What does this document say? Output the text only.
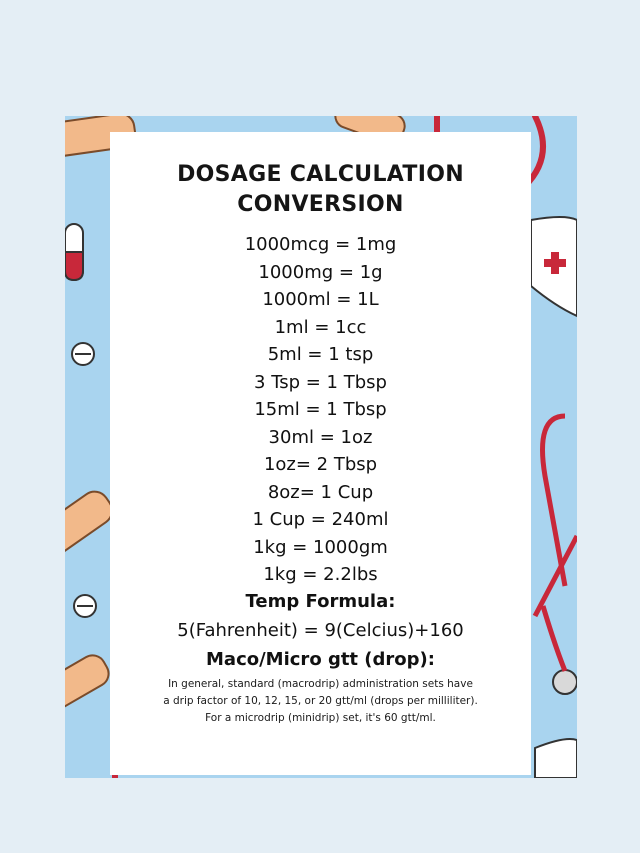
DOSAGE CALCULATION
CONVERSION
1000mcg = 1mg
1000mg = 1g
1000ml = 1L
1ml = 1cc
5ml = 1 tsp
3 Tsp = 1 Tbsp
15ml = 1 Tbsp
30ml = 1oz
1oz= 2 Tbsp
8oz= 1 Cup
1 Cup = 240ml
1kg = 1000gm
1kg = 2.2lbs
Temp Formula:
5(Fahrenheit) = 9(Celcius)+160
Maco/Micro gtt (drop):
In general, standard (macrodrip) administration sets have
a drip factor of 10, 12, 15, or 20 gtt/ml (drops per milliliter).
For a microdrip (minidrip) set, it's 60 gtt/ml.
